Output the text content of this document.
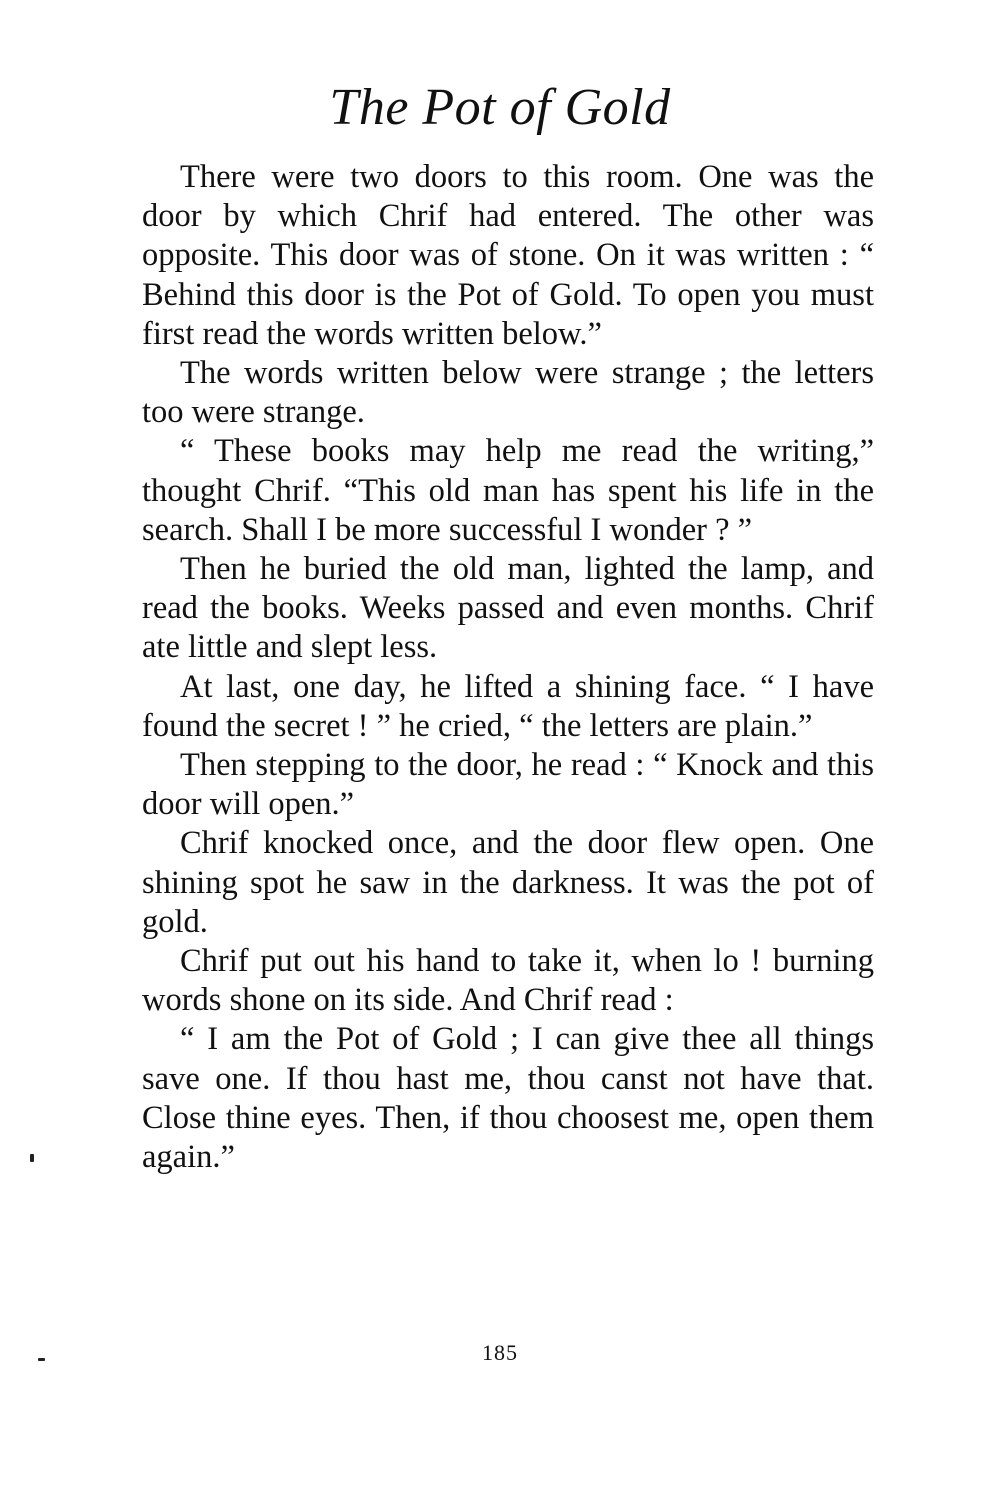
The Pot of Gold

There were two doors to this room. One was the door by which Chrif had entered. The other was opposite. This door was of stone. On it was written : “ Behind this door is the Pot of Gold. To open you must first read the words written below.”

The words written below were strange ; the letters too were strange.

“ These books may help me read the writing,” thought Chrif. “This old man has spent his life in the search. Shall I be more successful I wonder ? ”

Then he buried the old man, lighted the lamp, and read the books. Weeks passed and even months. Chrif ate little and slept less.

At last, one day, he lifted a shining face. “ I have found the secret ! ” he cried, “ the letters are plain.”

Then stepping to the door, he read : “ Knock and this door will open.”

Chrif knocked once, and the door flew open. One shining spot he saw in the darkness. It was the pot of gold.

Chrif put out his hand to take it, when lo ! burning words shone on its side. And Chrif read :

“ I am the Pot of Gold ; I can give thee all things save one. If thou hast me, thou canst not have that. Close thine eyes. Then, if thou choosest me, open them again.”

185
